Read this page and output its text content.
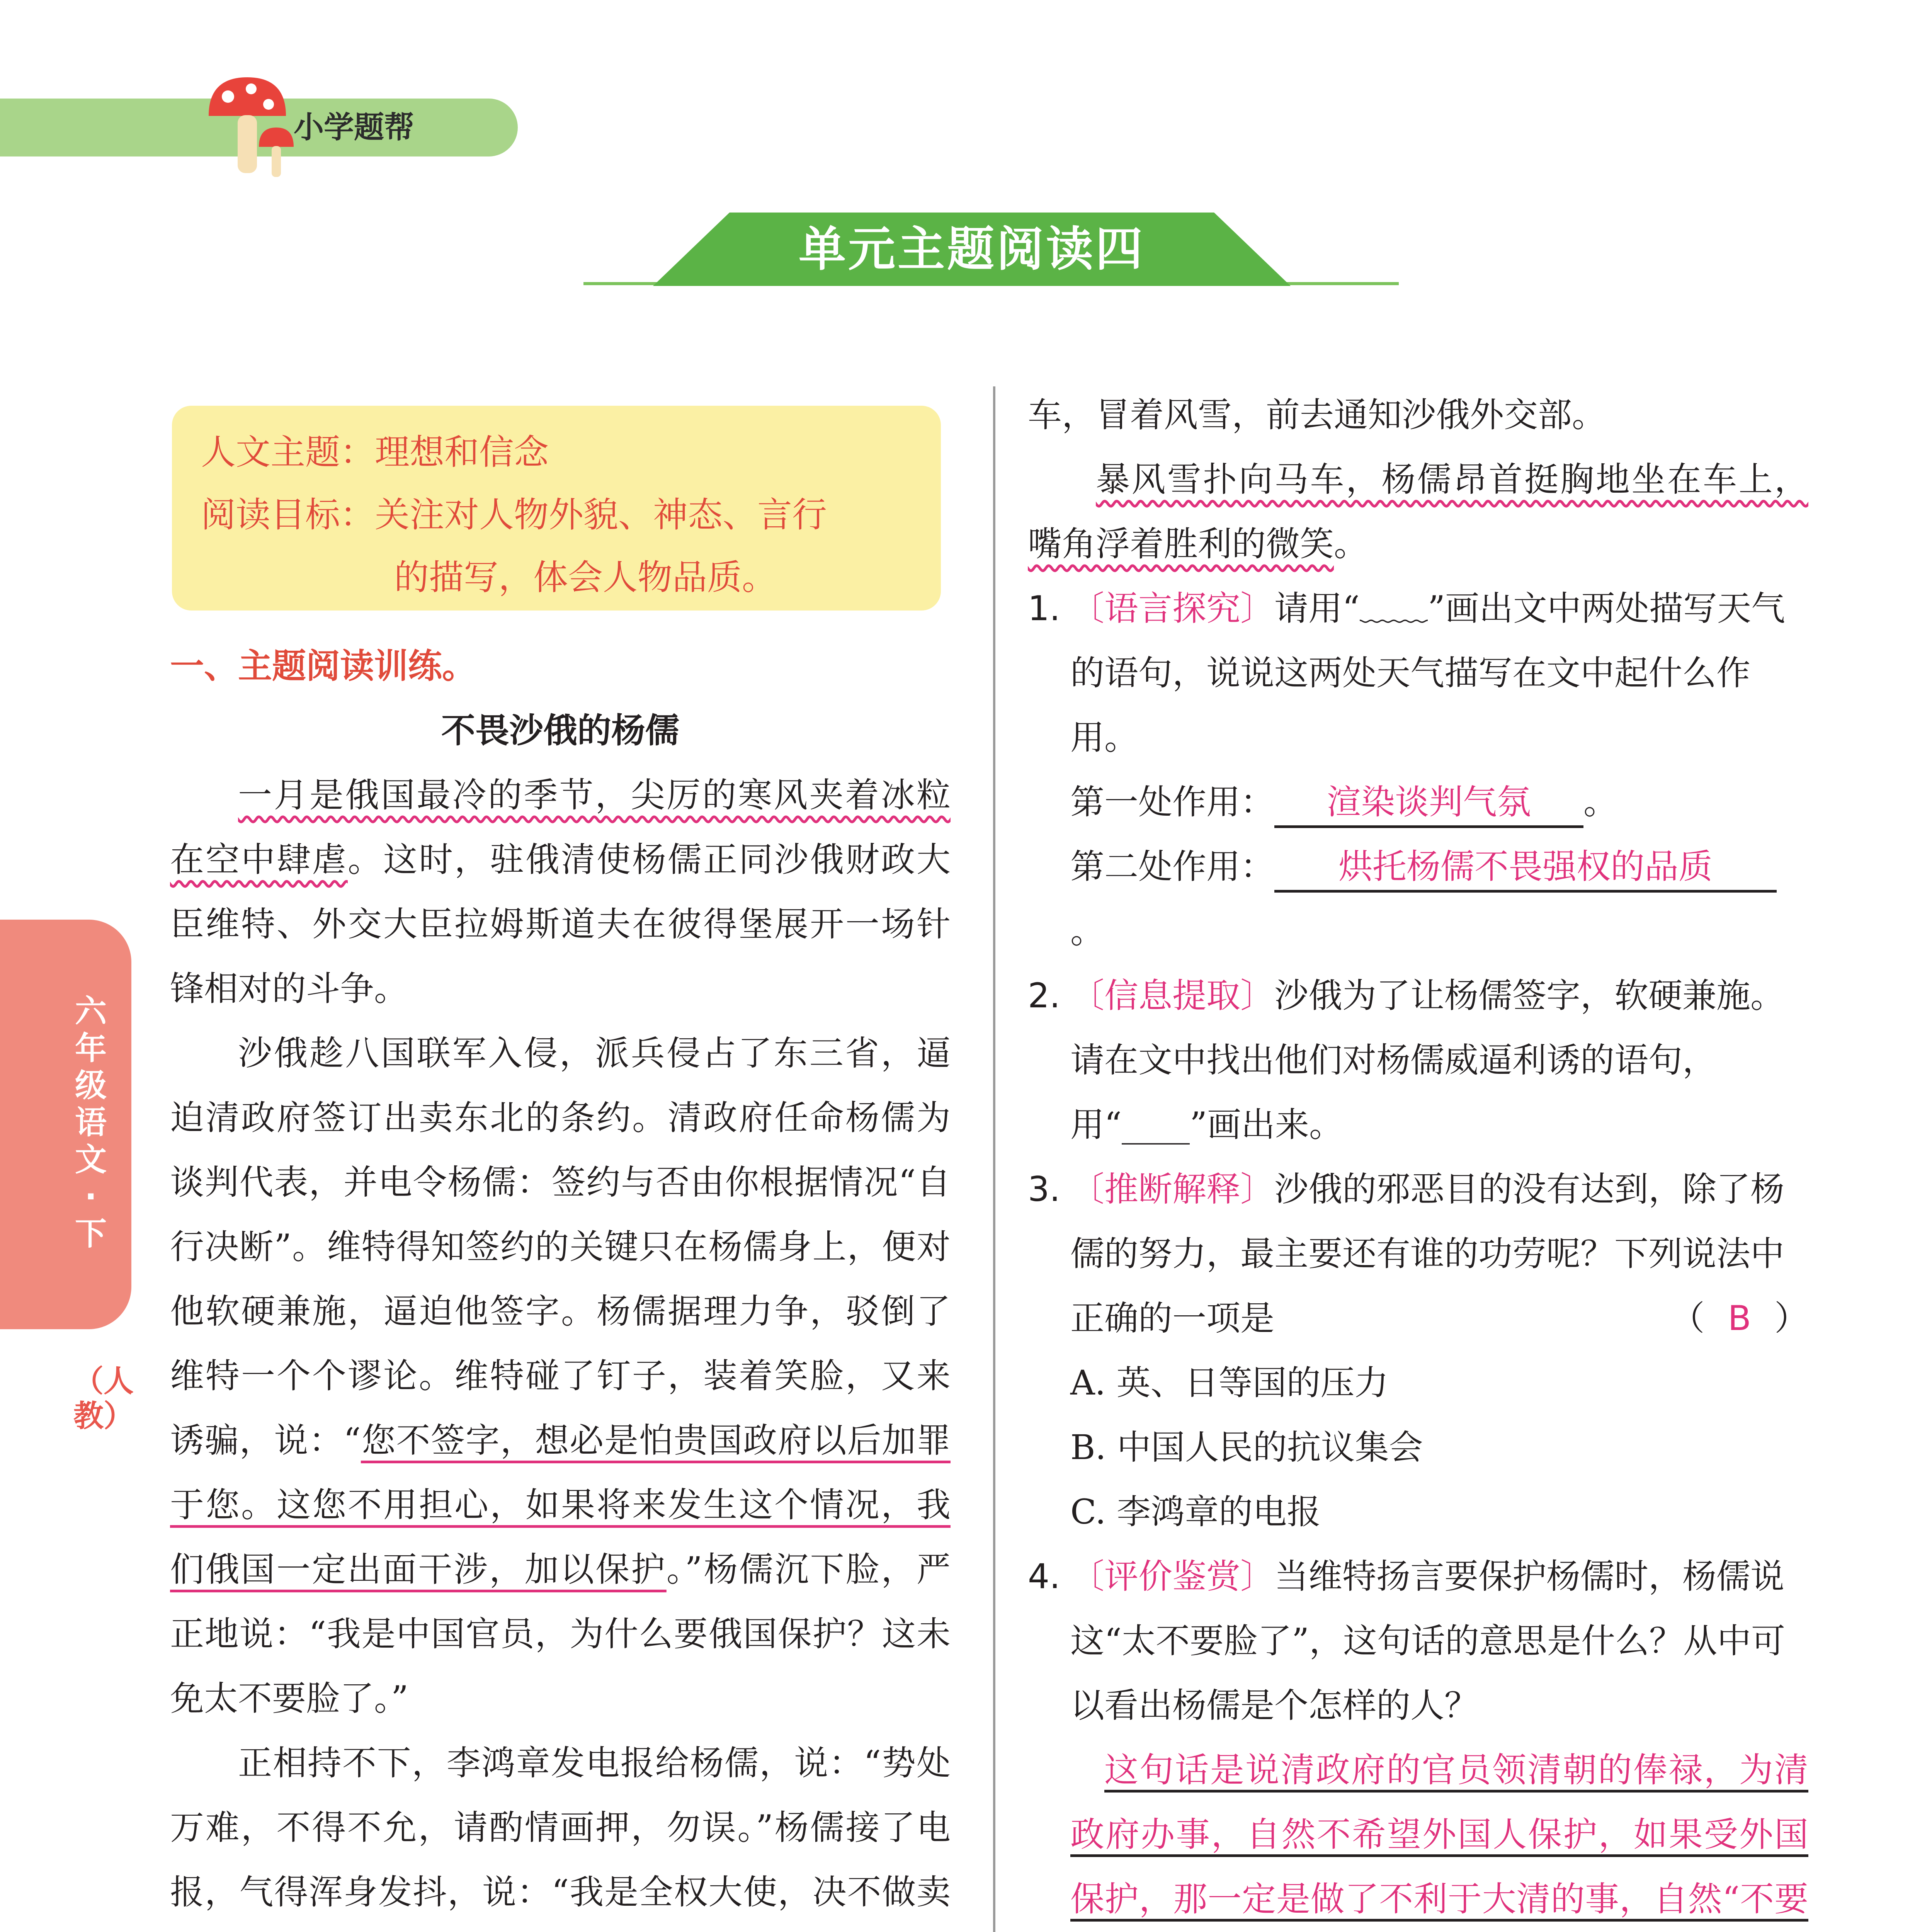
小学题帮
单元主题阅读四
六年级语文·下
（人教）
人文主题：理想和信念
阅读目标：关注对人物外貌、神态、言行
的描写，体会人物品质。
一、主题阅读训练。
不畏沙俄的杨儒

一月是俄国最冷的季节，尖厉的寒风夹着冰粒在空中肆虐。这时，驻俄清使杨儒正同沙俄财政大臣维特、外交大臣拉姆斯道夫在彼得堡展开一场针锋相对的斗争。

沙俄趁八国联军入侵，派兵侵占了东三省，逼迫清政府签订出卖东北的条约。清政府任命杨儒为谈判代表，并电令杨儒：签约与否由你根据情况“自行决断”。维特得知签约的关键只在杨儒身上，便对他软硬兼施，逼迫他签字。杨儒据理力争，驳倒了维特一个个谬论。维特碰了钉子，装着笑脸，又来诱骗，说：“您不签字，想必是怕贵国政府以后加罪于您。这您不用担心，如果将来发生这个情况，我们俄国一定出面干涉，加以保护。”杨儒沉下脸，严正地说：“我是中国官员，为什么要俄国保护？这未免太不要脸了。”

正相持不下，李鸿章发电报给杨儒，说：“势处万难，不得不允，请酌情画押，勿误。”杨儒接了电报，气得浑身发抖，说：“我是全权大使，决不做卖

车，冒着风雪，前去通知沙俄外交部。

暴风雪扑向马车，杨儒昂首挺胸地坐在车上，嘴角浮着胜利的微笑。

1. 〔语言探究〕请用“﹏﹏”画出文中两处描写天气的语句，说说这两处天气描写在文中起什么作用。
第一处作用： 渲染谈判气氛 。
第二处作用： 烘托杨儒不畏强权的品质。
2. 〔信息提取〕沙俄为了让杨儒签字，软硬兼施。请在文中找出他们对杨儒威逼利诱的语句，用“____”画出来。
3. 〔推断解释〕沙俄的邪恶目的没有达到，除了杨儒的努力，最主要还有谁的功劳呢？下列说法中正确的一项是	（ B ）
A. 英、日等国的压力
B. 中国人民的抗议集会
C. 李鸿章的电报
4. 〔评价鉴赏〕当维特扬言要保护杨儒时，杨儒说这“太不要脸了”，这句话的意思是什么？从中可以看出杨儒是个怎样的人？

这句话是说清政府的官员领清朝的俸禄，为清政府办事，自然不希望外国人保护，如果受外国保护，那一定是做了不利于大清的事，自然“不要
